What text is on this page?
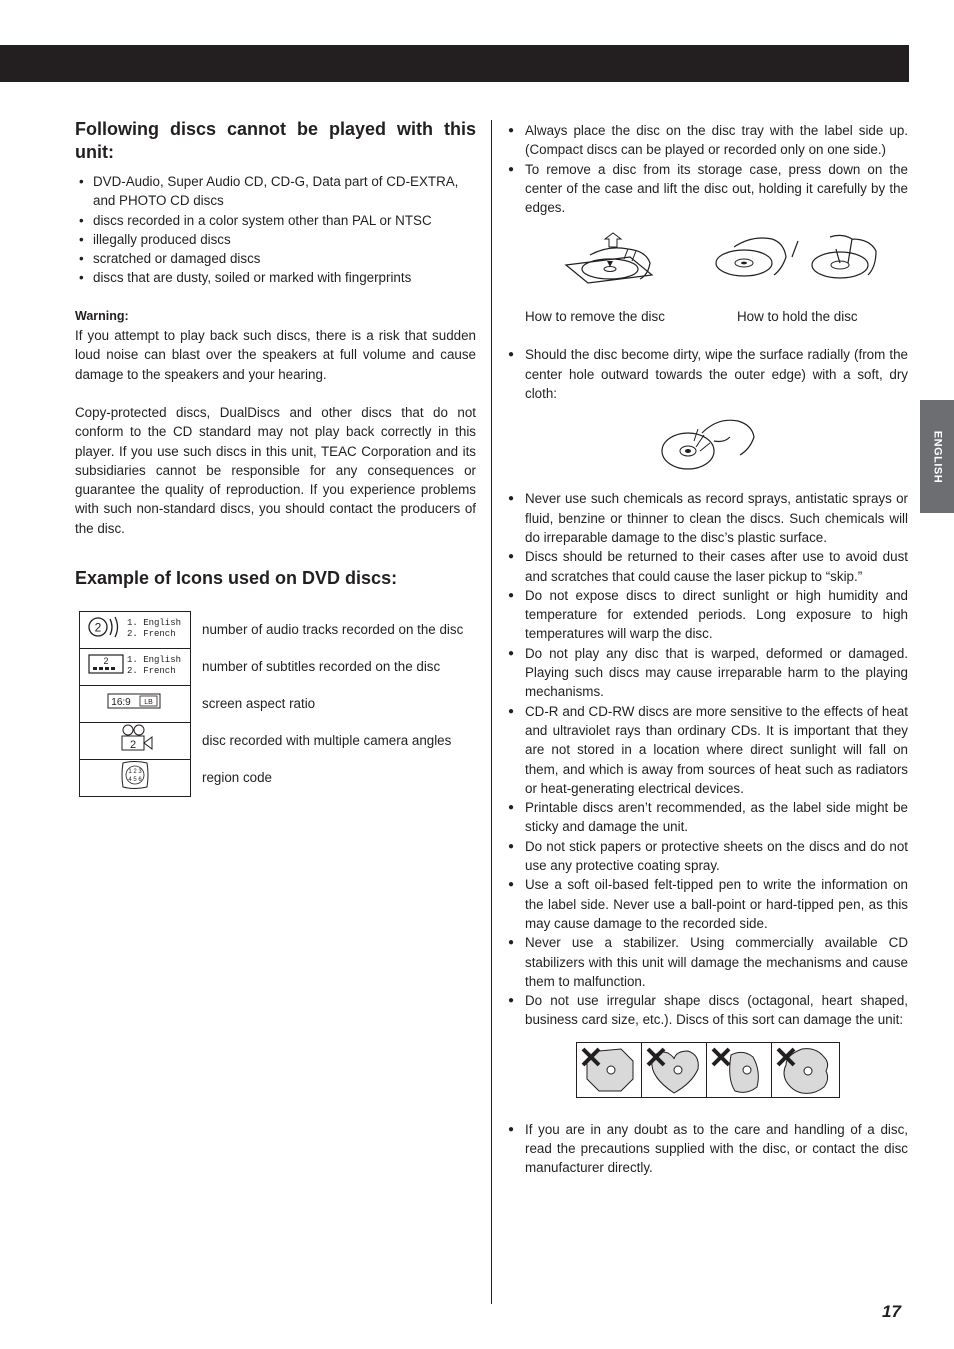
ENGLISH
Following discs cannot be played with this unit:
• DVD-Audio, Super Audio CD, CD-G, Data part of CD-EXTRA, and PHOTO CD discs
• discs recorded in a color system other than PAL or NTSC
• illegally produced discs
• scratched or damaged discs
• discs that are dusty, soiled or marked with fingerprints
Warning:

If you attempt to play back such discs, there is a risk that sudden loud noise can blast over the speakers at full volume and cause damage to the speakers and your hearing.

Copy-protected discs, DualDiscs and other discs that do not conform to the CD standard may not play back correctly in this player. If you use such discs in this unit, TEAC Corporation and its subsidiaries cannot be responsible for any consequences or guarantee the quality of reproduction. If you experience problems with such non-standard discs, you should contact the producers of the disc.

Example of Icons used on DVD discs:
2 1. English
2. French	number of audio tracks recorded on the disc

2 1. English
2. French	number of subtitles recorded on the disc

16:9 LB	screen aspect ratio

2	disc recorded with multiple camera angles

1 2 3
4 5 6	region code
● Always place the disc on the disc tray with the label side up. (Compact discs can be played or recorded only on one side.)
● To remove a disc from its storage case, press down on the center of the case and lift the disc out, holding it carefully by the edges.
How to remove the disc	How to hold the disc
● Should the disc become dirty, wipe the surface radially (from the center hole outward towards the outer edge) with a soft, dry cloth:
● Never use such chemicals as record sprays, antistatic sprays or fluid, benzine or thinner to clean the discs. Such chemicals will do irreparable damage to the disc’s plastic surface.
● Discs should be returned to their cases after use to avoid dust and scratches that could cause the laser pickup to “skip.”
● Do not expose discs to direct sunlight or high humidity and temperature for extended periods. Long exposure to high temperatures will warp the disc.
● Do not play any disc that is warped, deformed or damaged. Playing such discs may cause irreparable harm to the playing mechanisms.
● CD-R and CD-RW discs are more sensitive to the effects of heat and ultraviolet rays than ordinary CDs. It is important that they are not stored in a location where direct sunlight will fall on them, and which is away from sources of heat such as radiators or heat-generating electrical devices.
● Printable discs aren’t recommended, as the label side might be sticky and damage the unit.
● Do not stick papers or protective sheets on the discs and do not use any protective coating spray.
● Use a soft oil-based felt-tipped pen to write the information on the label side. Never use a ball-point or hard-tipped pen, as this may cause damage to the recorded side.
● Never use a stabilizer. Using commercially available CD stabilizers with this unit will damage the mechanisms and cause them to malfunction.
● Do not use irregular shape discs (octagonal, heart shaped, business card size, etc.). Discs of this sort can damage the unit:
● If you are in any doubt as to the care and handling of a disc, read the precautions supplied with the disc, or contact the disc manufacturer directly.
17
